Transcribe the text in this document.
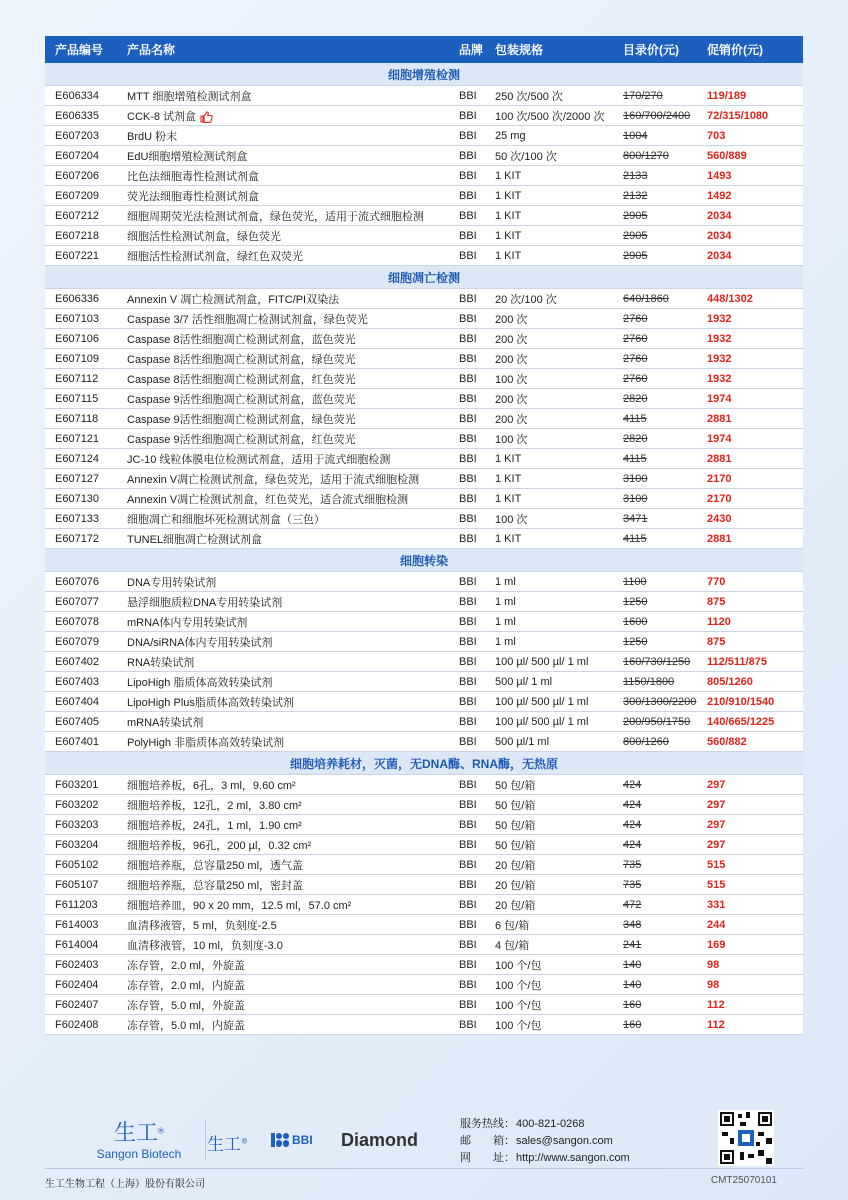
产品编号	产品名称	品牌	包装规格	目录价(元)	促销价(元)
细胞增殖检测					
E606334	MTT 细胞增殖检测试剂盒	BBI	250 次/500 次	170/270	119/189
E606335	CCK-8 试剂盒	BBI	100 次/500 次/2000 次	160/700/2400	72/315/1080
E607203	BrdU 粉末	BBI	25 mg	1004	703
E607204	EdU细胞增殖检测试剂盒	BBI	50 次/100 次	800/1270	560/889
E607206	比色法细胞毒性检测试剂盒	BBI	1 KIT	2133	1493
E607209	荧光法细胞毒性检测试剂盒	BBI	1 KIT	2132	1492
E607212	细胞周期荧光法检测试剂盒，绿色荧光，适用于流式细胞检测	BBI	1 KIT	2905	2034
E607218	细胞活性检测试剂盒，绿色荧光	BBI	1 KIT	2905	2034
E607221	细胞活性检测试剂盒，绿红色双荧光	BBI	1 KIT	2905	2034
细胞凋亡检测					
E606336	Annexin V 凋亡检测试剂盒，FITC/PI双染法	BBI	20 次/100 次	640/1860	448/1302
E607103	Caspase 3/7 活性细胞凋亡检测试剂盒，绿色荧光	BBI	200 次	2760	1932
E607106	Caspase 8活性细胞凋亡检测试剂盒，蓝色荧光	BBI	200 次	2760	1932
E607109	Caspase 8活性细胞凋亡检测试剂盒，绿色荧光	BBI	200 次	2760	1932
E607112	Caspase 8活性细胞凋亡检测试剂盒，红色荧光	BBI	100 次	2760	1932
E607115	Caspase 9活性细胞凋亡检测试剂盒，蓝色荧光	BBI	200 次	2820	1974
E607118	Caspase 9活性细胞凋亡检测试剂盒，绿色荧光	BBI	200 次	4115	2881
E607121	Caspase 9活性细胞凋亡检测试剂盒，红色荧光	BBI	100 次	2820	1974
E607124	JC-10 线粒体膜电位检测试剂盒，适用于流式细胞检测	BBI	1 KIT	4115	2881
E607127	Annexin V凋亡检测试剂盒，绿色荧光，适用于流式细胞检测	BBI	1 KIT	3100	2170
E607130	Annexin V凋亡检测试剂盒，红色荧光，适合流式细胞检测	BBI	1 KIT	3100	2170
E607133	细胞凋亡和细胞坏死检测试剂盒（三色）	BBI	100 次	3471	2430
E607172	TUNEL细胞凋亡检测试剂盒	BBI	1 KIT	4115	2881
细胞转染					
E607076	DNA专用转染试剂	BBI	1 ml	1100	770
E607077	悬浮细胞质粒DNA专用转染试剂	BBI	1 ml	1250	875
E607078	mRNA体内专用转染试剂	BBI	1 ml	1600	1120
E607079	DNA/siRNA体内专用转染试剂	BBI	1 ml	1250	875
E607402	RNA转染试剂	BBI	100 µl/ 500 µl/ 1 ml	160/730/1250	112/511/875
E607403	LipoHigh 脂质体高效转染试剂	BBI	500 µl/ 1 ml	1150/1800	805/1260
E607404	LipoHigh Plus脂质体高效转染试剂	BBI	100 µl/ 500 µl/ 1 ml	300/1300/2200	210/910/1540
E607405	mRNA转染试剂	BBI	100 µl/ 500 µl/ 1 ml	200/950/1750	140/665/1225
E607401	PolyHigh 非脂质体高效转染试剂	BBI	500 µl/1 ml	800/1260	560/882
细胞培养耗材，灭菌，无DNA酶、RNA酶，无热原					
F603201	细胞培养板，6孔，3 ml，9.60 cm²	BBI	50 包/箱	424	297
F603202	细胞培养板，12孔，2 ml，3.80 cm²	BBI	50 包/箱	424	297
F603203	细胞培养板，24孔，1 ml，1.90 cm²	BBI	50 包/箱	424	297
F603204	细胞培养板，96孔，200 µl，0.32 cm²	BBI	50 包/箱	424	297
F605102	细胞培养瓶，总容量250 ml，透气盖	BBI	20 包/箱	735	515
F605107	细胞培养瓶，总容量250 ml，密封盖	BBI	20 包/箱	735	515
F611203	细胞培养皿，90 x 20 mm，12.5 ml，57.0 cm²	BBI	20 包/箱	472	331
F614003	血清移液管，5 ml，负刻度-2.5	BBI	6 包/箱	348	244
F614004	血清移液管，10 ml，负刻度-3.0	BBI	4 包/箱	241	169
F602403	冻存管，2.0 ml，外旋盖	BBI	100 个/包	140	98
F602404	冻存管，2.0 ml，内旋盖	BBI	100 个/包	140	98
F602407	冻存管，5.0 ml，外旋盖	BBI	100 个/包	160	112
F602408	冻存管，5.0 ml，内旋盖	BBI	100 个/包	160	112
生工®
Sangon Biotech	生工®	BBI Diamond
服务热线：400-821-0268
邮　　箱：sales@sangon.com
网　　址：http://www.sangon.com
生工生物工程（上海）股份有限公司	CMT25070101
